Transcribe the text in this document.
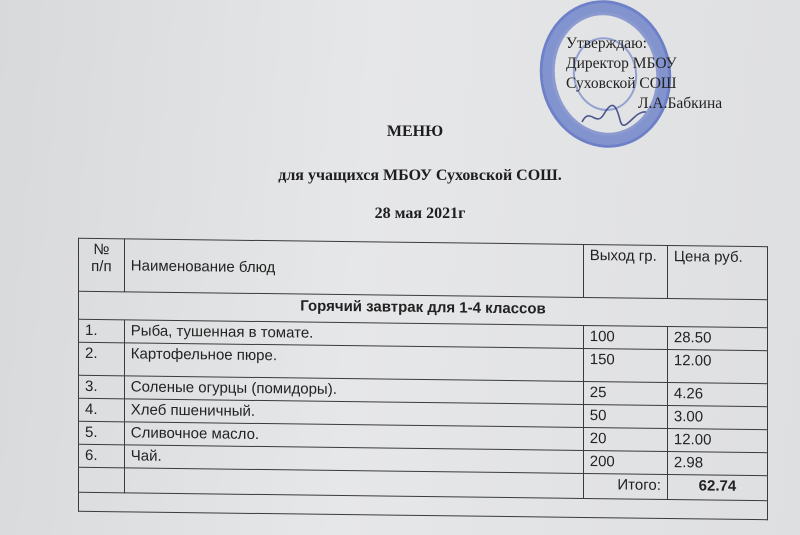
Утверждаю:
Директор МБОУ
Суховской СОШ
Л.А.Бабкина
МЕНЮ
для учащихся МБОУ Суховской СОШ.
28 мая 2021г
№
п/п	Наименование блюд	Выход гр.	Цена руб.
Горячий завтрак для 1-4 классов			
1.	Рыба, тушенная в томате.	100	28.50
2.	Картофельное пюре.	150	12.00
3.	Соленые огурцы (помидоры).	25	4.26
4.	Хлеб пшеничный.	50	3.00
5.	Сливочное масло.	20	12.00
6.	Чай.	200	2.98
		Итого:	62.74
